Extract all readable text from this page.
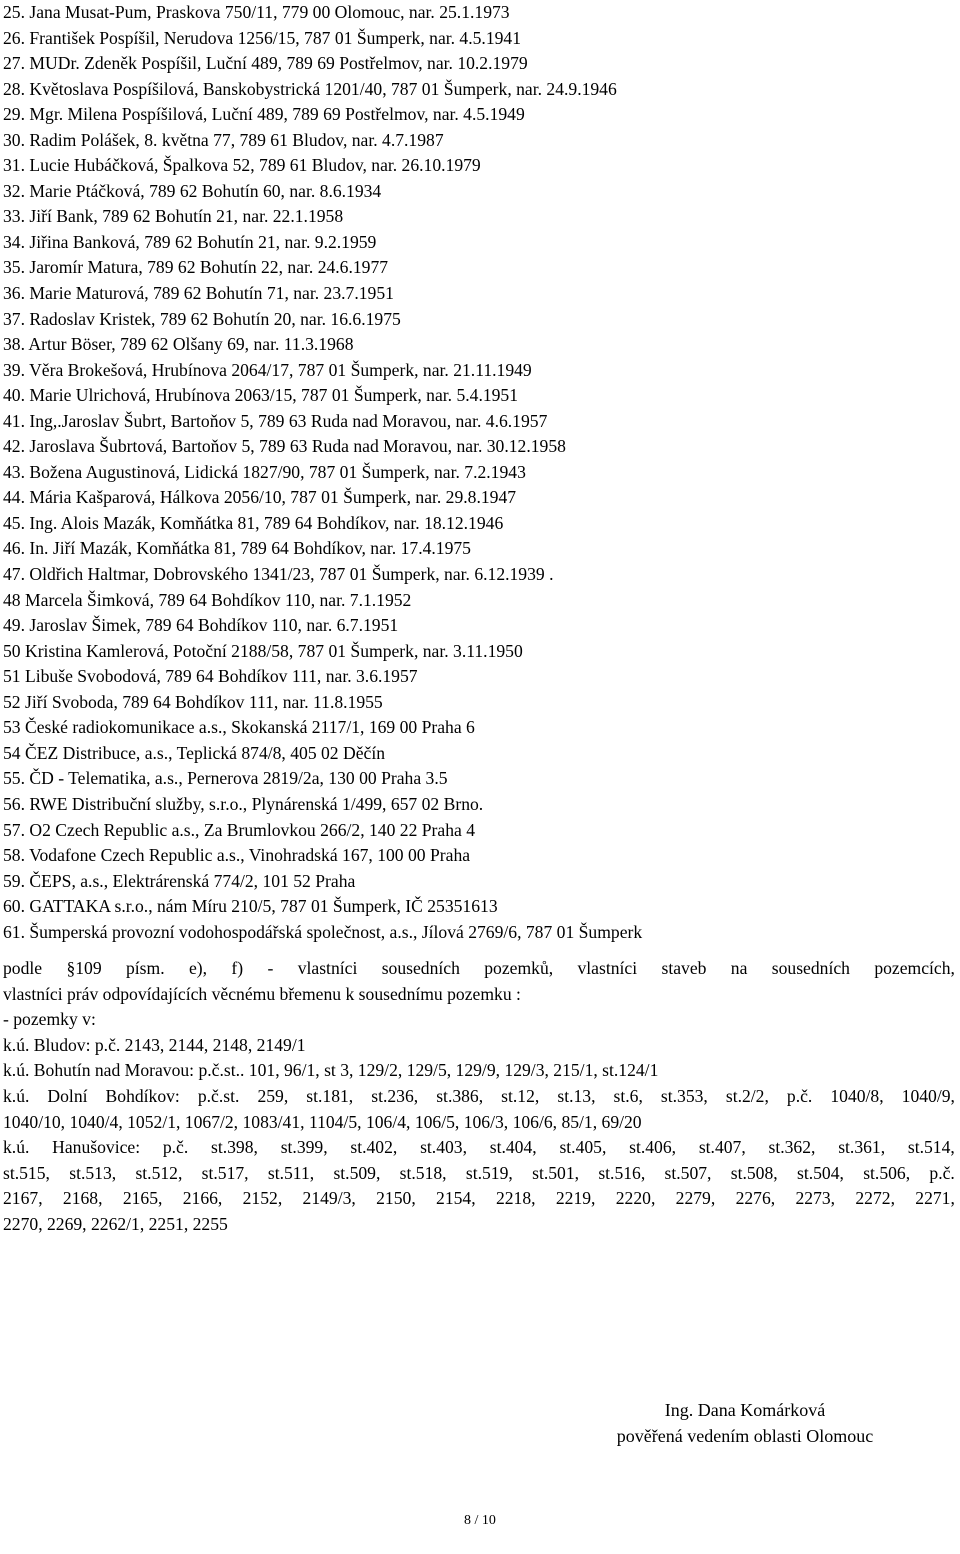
25. Jana Musat-Pum, Praskova 750/11, 779 00 Olomouc, nar. 25.1.1973
26. František Pospíšil, Nerudova 1256/15, 787 01 Šumperk, nar. 4.5.1941
27. MUDr. Zdeněk Pospíšil, Luční 489, 789 69 Postřelmov, nar. 10.2.1979
28. Květoslava Pospíšilová, Banskobystrická 1201/40, 787 01 Šumperk, nar. 24.9.1946
29. Mgr. Milena Pospíšilová, Luční 489, 789 69 Postřelmov, nar. 4.5.1949
30. Radim Polášek, 8. května 77, 789 61 Bludov, nar. 4.7.1987
31. Lucie Hubáčková, Špalkova 52, 789 61 Bludov, nar. 26.10.1979
32. Marie Ptáčková, 789 62 Bohutín 60, nar. 8.6.1934
33. Jiří Bank, 789 62 Bohutín 21, nar. 22.1.1958
34. Jiřina Banková, 789 62 Bohutín 21, nar. 9.2.1959
35. Jaromír Matura, 789 62 Bohutín 22, nar. 24.6.1977
36. Marie Maturová, 789 62 Bohutín 71, nar. 23.7.1951
37. Radoslav Kristek, 789 62 Bohutín 20, nar. 16.6.1975
38. Artur Böser, 789 62 Olšany 69, nar. 11.3.1968
39. Věra Brokešová, Hrubínova 2064/17, 787 01 Šumperk, nar. 21.11.1949
40. Marie Ulrichová, Hrubínova 2063/15, 787 01 Šumperk, nar. 5.4.1951
41. Ing,.Jaroslav Šubrt, Bartoňov 5, 789 63 Ruda nad Moravou, nar. 4.6.1957
42. Jaroslava Šubrtová, Bartoňov 5, 789 63 Ruda nad Moravou, nar. 30.12.1958
43. Božena Augustinová, Lidická 1827/90, 787 01 Šumperk, nar. 7.2.1943
44. Mária Kašparová, Hálkova 2056/10, 787 01 Šumperk, nar. 29.8.1947
45. Ing. Alois Mazák, Komňátka 81, 789 64 Bohdíkov, nar. 18.12.1946
46. In. Jiří Mazák, Komňátka 81, 789 64 Bohdíkov, nar. 17.4.1975
47. Oldřich Haltmar, Dobrovského 1341/23, 787 01 Šumperk, nar. 6.12.1939 .
48 Marcela Šimková, 789 64 Bohdíkov 110, nar. 7.1.1952
49. Jaroslav Šimek, 789 64 Bohdíkov 110, nar. 6.7.1951
50 Kristina Kamlerová, Potoční 2188/58, 787 01 Šumperk, nar. 3.11.1950
51 Libuše Svobodová, 789 64 Bohdíkov 111, nar. 3.6.1957
52 Jiří Svoboda, 789 64 Bohdíkov 111, nar. 11.8.1955
53 České radiokomunikace a.s., Skokanská 2117/1, 169 00 Praha 6
54 ČEZ Distribuce, a.s., Teplická 874/8, 405 02 Děčín
55. ČD - Telematika, a.s., Pernerova 2819/2a, 130 00 Praha 3.5
56. RWE Distribuční služby, s.r.o., Plynárenská 1/499, 657 02 Brno.
57. O2 Czech Republic a.s., Za Brumlovkou 266/2, 140 22 Praha 4
58. Vodafone Czech Republic a.s., Vinohradská 167, 100 00 Praha
59. ČEPS, a.s., Elektrárenská 774/2, 101 52 Praha
60. GATTAKA s.r.o., nám Míru 210/5, 787 01 Šumperk, IČ 25351613
61. Šumperská provozní vodohospodářská společnost, a.s., Jílová 2769/6, 787 01 Šumperk
podle §109 písm. e), f) - vlastníci sousedních pozemků, vlastníci staveb na sousedních pozemcích,
vlastníci práv odpovídajících věcnému břemenu k sousednímu pozemku :
- pozemky v:
k.ú. Bludov: p.č. 2143, 2144, 2148, 2149/1
k.ú. Bohutín nad Moravou: p.č.st.. 101, 96/1, st 3, 129/2, 129/5, 129/9, 129/3, 215/1, st.124/1
k.ú. Dolní Bohdíkov: p.č.st. 259, st.181, st.236, st.386, st.12, st.13, st.6, st.353, st.2/2, p.č. 1040/8, 1040/9,
1040/10, 1040/4, 1052/1, 1067/2, 1083/41, 1104/5, 106/4, 106/5, 106/3, 106/6, 85/1, 69/20
k.ú. Hanušovice: p.č. st.398, st.399, st.402, st.403, st.404, st.405, st.406, st.407, st.362, st.361, st.514,
st.515, st.513, st.512, st.517, st.511, st.509, st.518, st.519, st.501, st.516, st.507, st.508, st.504, st.506, p.č.
2167, 2168, 2165, 2166, 2152, 2149/3, 2150, 2154, 2218, 2219, 2220, 2279, 2276, 2273, 2272, 2271,
2270, 2269, 2262/1, 2251, 2255
Ing. Dana Komárková
pověřená vedením oblasti Olomouc
8 / 10
